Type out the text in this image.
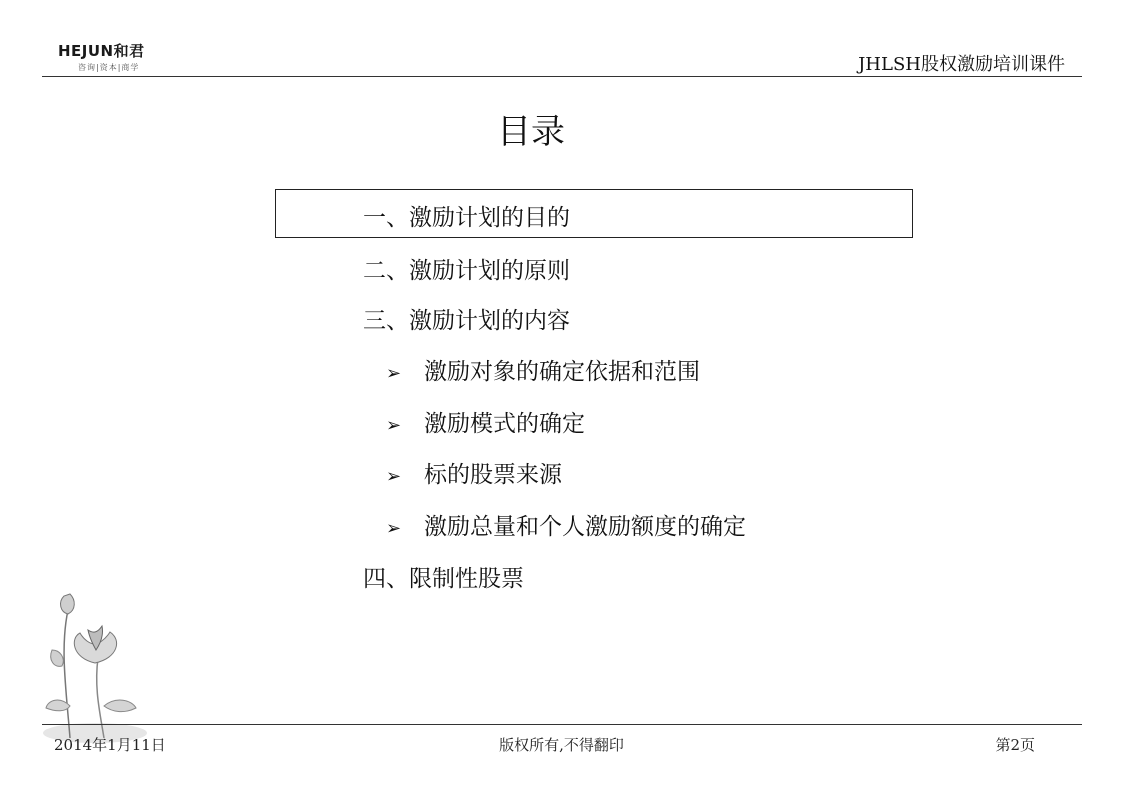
HEJUN和君
咨询|资本|商学	JHLSH股权激励培训课件
目录
一、激励计划的目的
二、激励计划的原则
三、激励计划的内容
➢ 激励对象的确定依据和范围
➢ 激励模式的确定
➢ 标的股票来源
➢ 激励总量和个人激励额度的确定
四、限制性股票
2014年1月11日	版权所有,不得翻印	第2页
